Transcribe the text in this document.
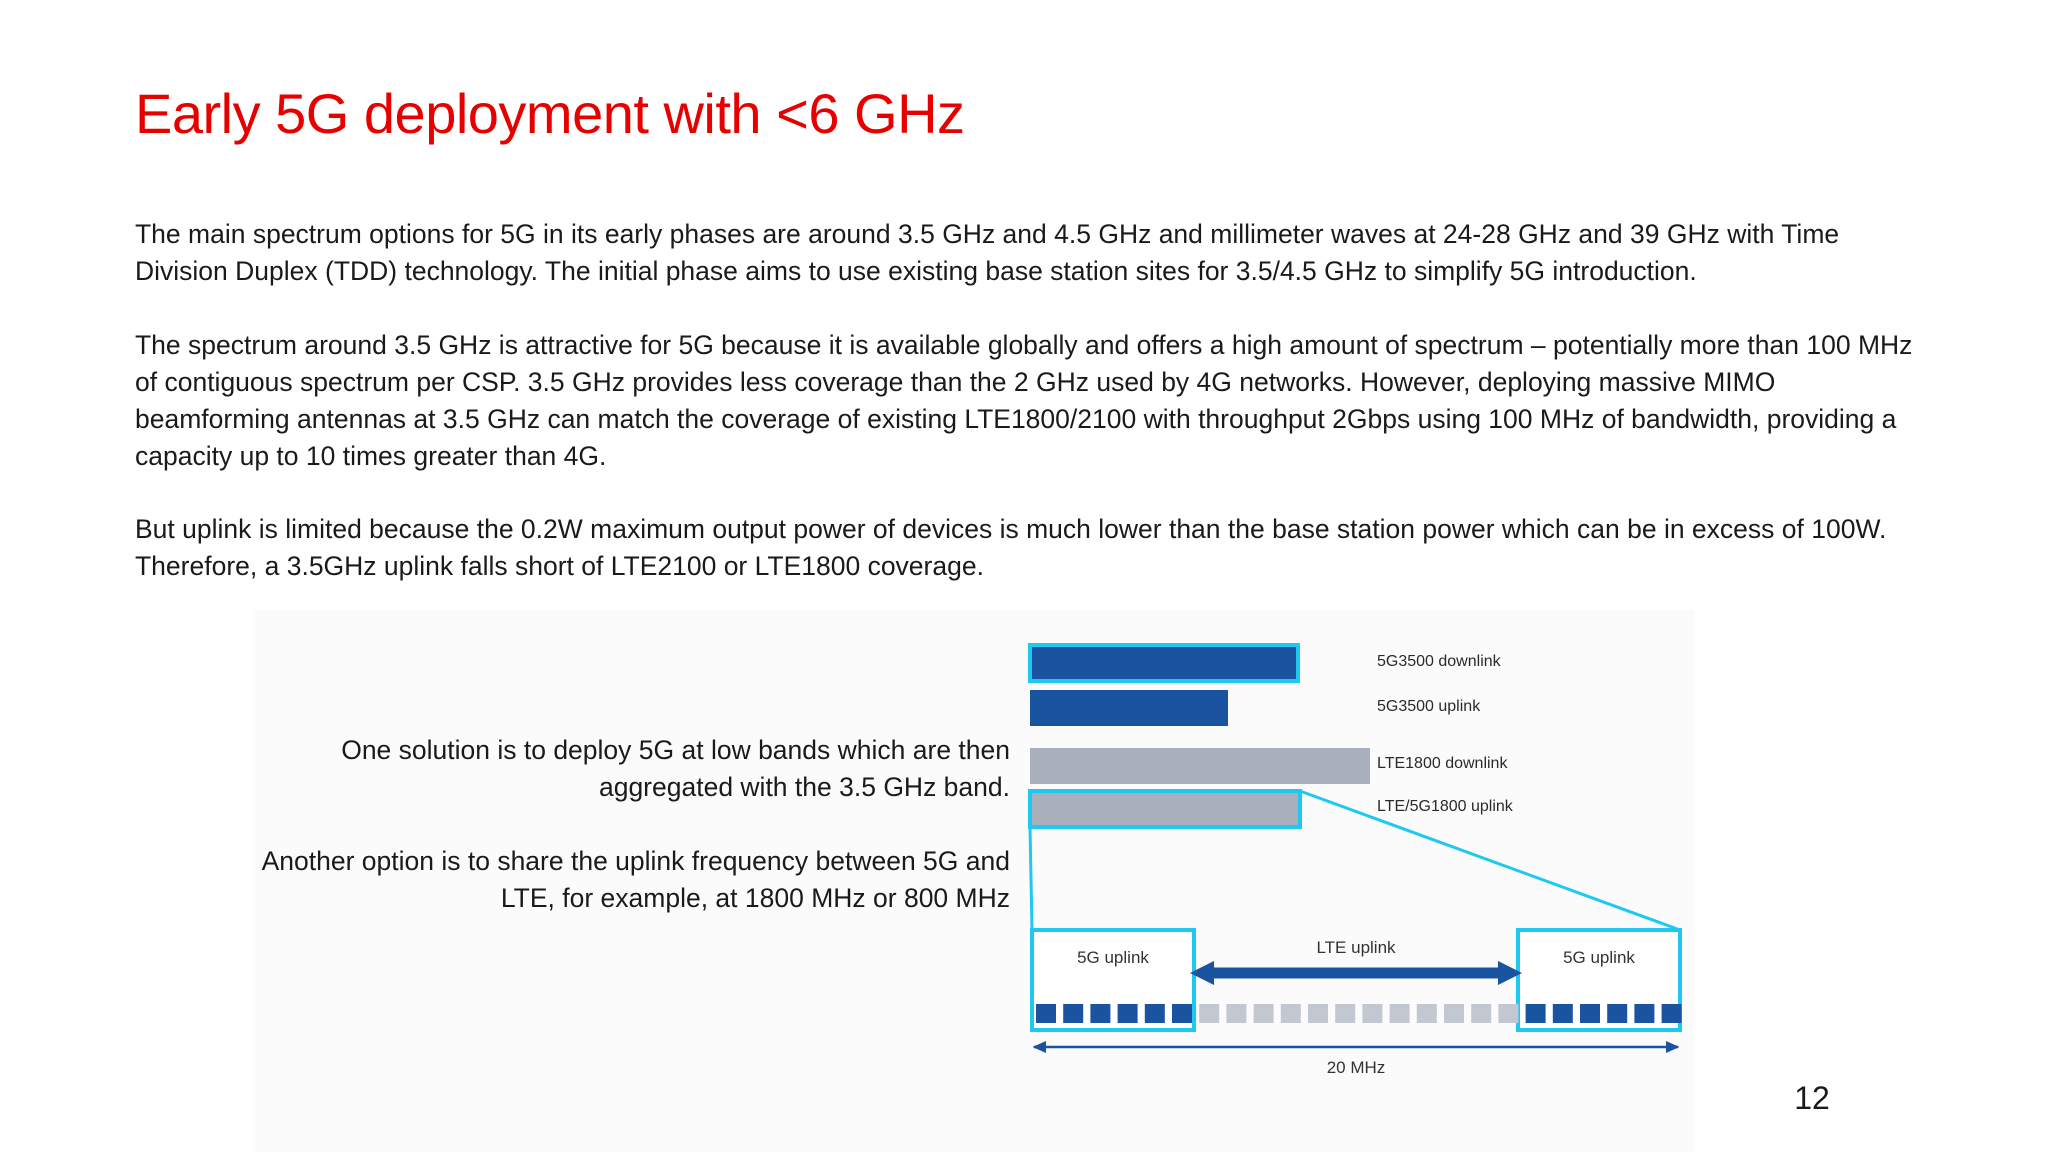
Early 5G deployment with <6 GHz

The main spectrum options for 5G in its early phases are around 3.5 GHz and 4.5 GHz and millimeter waves at 24-28 GHz and 39 GHz with Time Division Duplex (TDD) technology. The initial phase aims to use existing base station sites for 3.5/4.5 GHz to simplify 5G introduction.

The spectrum around 3.5 GHz is attractive for 5G because it is available globally and offers a high amount of spectrum – potentially more than 100 MHz of contiguous spectrum per CSP. 3.5 GHz provides less coverage than the 2 GHz used by 4G networks. However, deploying massive MIMO beamforming antennas at 3.5 GHz can match the coverage of existing LTE1800/2100 with throughput 2Gbps using 100 MHz of bandwidth, providing a capacity up to 10 times greater than 4G.

But uplink is limited because the 0.2W maximum output power of devices is much lower than the base station power which can be in excess of 100W. Therefore, a 3.5GHz uplink falls short of LTE2100 or LTE1800 coverage.

One solution is to deploy 5G at low bands which are then aggregated with the 3.5 GHz band.

Another option is to share the uplink frequency between 5G and LTE, for example, at 1800 MHz or 800 MHz

5G3500 downlink
5G3500 uplink
LTE1800 downlink
LTE/5G1800 uplink
5G uplink	5G uplink
LTE uplink
20 MHz
12
